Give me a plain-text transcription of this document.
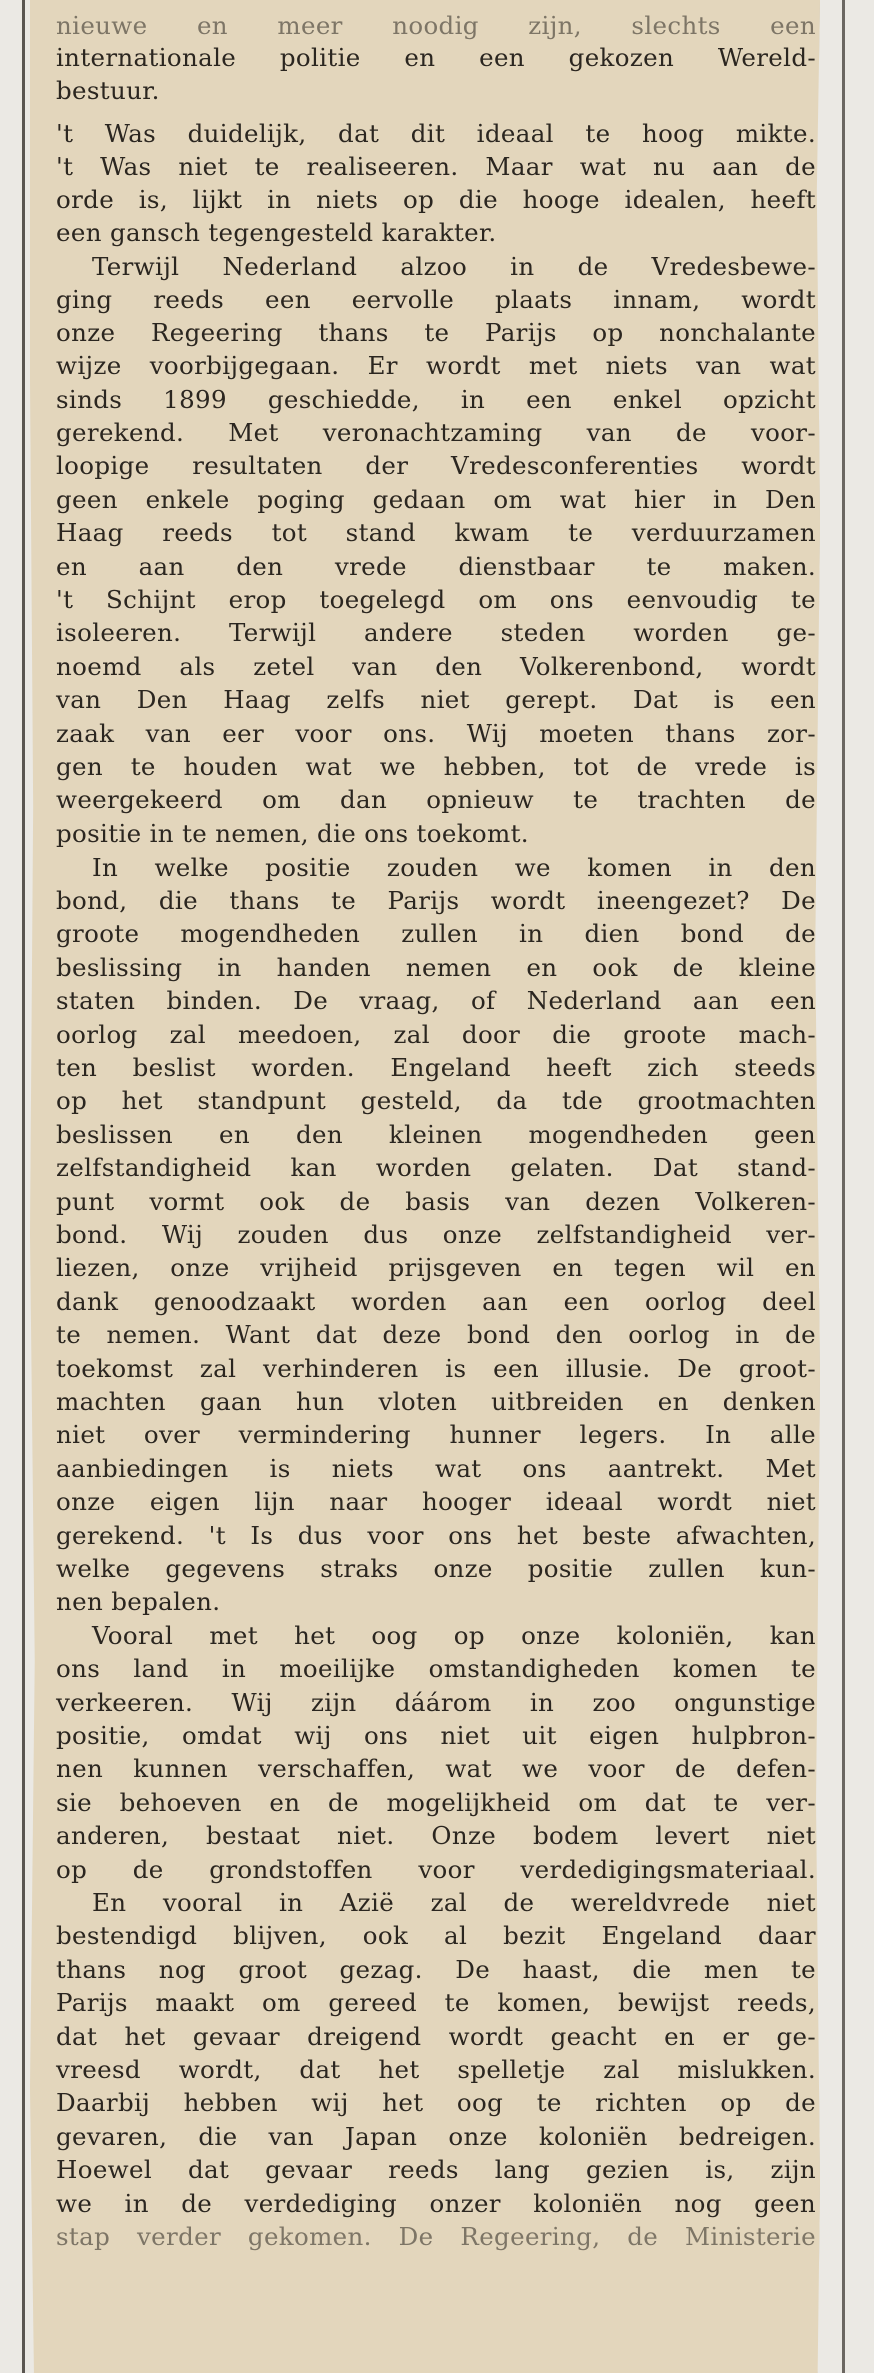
nieuwe en meer noodig zijn, slechts een
internationale politie en een gekozen Wereld-
bestuur.
't Was duidelijk, dat dit ideaal te hoog mikte.
't Was niet te realiseeren. Maar wat nu aan de
orde is, lijkt in niets op die hooge idealen, heeft
een gansch tegengesteld karakter.
Terwijl Nederland alzoo in de Vredesbewe-
ging reeds een eervolle plaats innam, wordt
onze Regeering thans te Parijs op nonchalante
wijze voorbijgegaan. Er wordt met niets van wat
sinds 1899 geschiedde, in een enkel opzicht
gerekend. Met veronachtzaming van de voor-
loopige resultaten der Vredesconferenties wordt
geen enkele poging gedaan om wat hier in Den
Haag reeds tot stand kwam te verduurzamen
en aan den vrede dienstbaar te maken.
't Schijnt erop toegelegd om ons eenvoudig te
isoleeren. Terwijl andere steden worden ge-
noemd als zetel van den Volkerenbond, wordt
van Den Haag zelfs niet gerept. Dat is een
zaak van eer voor ons. Wij moeten thans zor-
gen te houden wat we hebben, tot de vrede is
weergekeerd om dan opnieuw te trachten de
positie in te nemen, die ons toekomt.
In welke positie zouden we komen in den
bond, die thans te Parijs wordt ineengezet? De
groote mogendheden zullen in dien bond de
beslissing in handen nemen en ook de kleine
staten binden. De vraag, of Nederland aan een
oorlog zal meedoen, zal door die groote mach-
ten beslist worden. Engeland heeft zich steeds
op het standpunt gesteld, da tde grootmachten
beslissen en den kleinen mogendheden geen
zelfstandigheid kan worden gelaten. Dat stand-
punt vormt ook de basis van dezen Volkeren-
bond. Wij zouden dus onze zelfstandigheid ver-
liezen, onze vrijheid prijsgeven en tegen wil en
dank genoodzaakt worden aan een oorlog deel
te nemen. Want dat deze bond den oorlog in de
toekomst zal verhinderen is een illusie. De groot-
machten gaan hun vloten uitbreiden en denken
niet over vermindering hunner legers. In alle
aanbiedingen is niets wat ons aantrekt. Met
onze eigen lijn naar hooger ideaal wordt niet
gerekend. 't Is dus voor ons het beste afwachten,
welke gegevens straks onze positie zullen kun-
nen bepalen.
Vooral met het oog op onze koloniën, kan
ons land in moeilijke omstandigheden komen te
verkeeren. Wij zijn dáárom in zoo ongunstige
positie, omdat wij ons niet uit eigen hulpbron-
nen kunnen verschaffen, wat we voor de defen-
sie behoeven en de mogelijkheid om dat te ver-
anderen, bestaat niet. Onze bodem levert niet
op de grondstoffen voor verdedigingsmateriaal.
En vooral in Azië zal de wereldvrede niet
bestendigd blijven, ook al bezit Engeland daar
thans nog groot gezag. De haast, die men te
Parijs maakt om gereed te komen, bewijst reeds,
dat het gevaar dreigend wordt geacht en er ge-
vreesd wordt, dat het spelletje zal mislukken.
Daarbij hebben wij het oog te richten op de
gevaren, die van Japan onze koloniën bedreigen.
Hoewel dat gevaar reeds lang gezien is, zijn
we in de verdediging onzer koloniën nog geen
stap verder gekomen. De Regeering, de Ministerie
